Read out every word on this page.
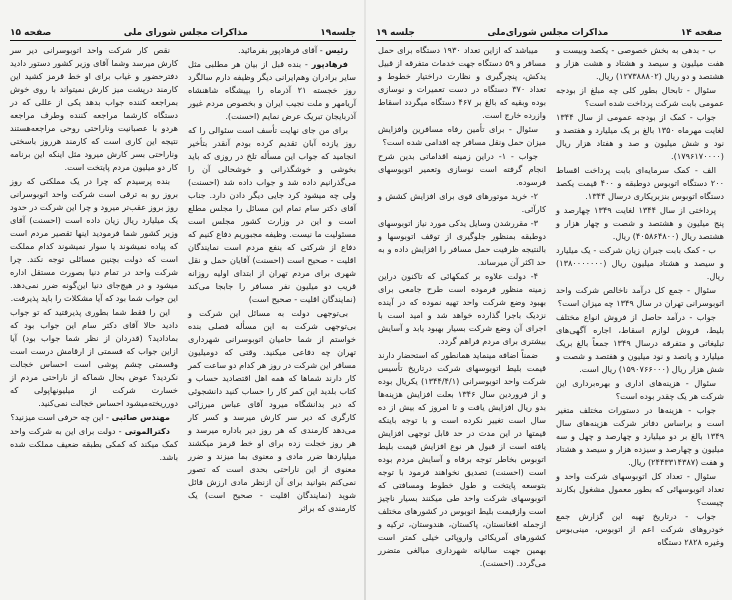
جلسه۱۹
مذاکرات مجلس شورای ملی
صفحه ۱۵

رئیس - آقای فرهادپور بفرمائید.

فرهادپور - بنده قبل از بیان هر مطلبی مثل سایر برادران وهم‌ایرانی دیگر وظیفه دارم سالگرد روز خجسته ۲۱ آذرماه را بپیشگاه شاهنشاه آریامهر و ملت نجیب ایران و بخصوص مردم غیور آذربایجان تبریک عرض نمایم (احسنت).

برای من جای نهایت تأسف است سئوالی را که روز یازده آبان تقدیم کرده بودم آنقدر بتأخیر انجامید که جواب این مسأله تلخ در روزی که باید بخوشی و خوشگذرانی و خوشحالی آن را می‌گذرانیم داده شد و جواب داده شد (احسنت) ولی چه میشود کرد جایی دیگر دادن دارد. جناب آقای دکتر سام تمام این مسائل را مجلس مطلع است و این در وزارت کشور مجلس است مسئولیت ما نیست. وظیفه مجبوریم دفاع کنیم که دفاع از شرکتی که بنفع مردم است نمایندگان اقلیت - صحیح است (احسنت) آقایان حمل و نقل شهری برای مردم تهران از ابتدای اولیه روزانه قریب دو میلیون نفر مسافر را جابجا می‌کند (نمایندگان اقلیت - صحیح است)

بی‌توجهی دولت به مسائل این شرکت و بی‌توجهی شرکت به این مسأله فصلی بنده خواستم از شما حامیان اتوبوسرانی شهرداری تهران چه دفاعی میکنید. وقتی که دومیلیون مسافر این شرکت در روز هر کدام دو ساعت کمر کار دارند شماها که همه اهل اقتصادید حساب و کتاب بلدید این کمر کار را حساب کنید دانشجوئی که دیر بدانشگاه میرود آقای عباس میرزائی کارگری که دیر سر کارش میرسد و کسر کار می‌دهد کارمندی که هر روز دیر باداره میرسد و هر روز خجلت زده برای او خط قرمز میکشند میلیاردها ضرر مادی و معنوی بما میزند و ضرر معنوی از این ناراحتی بحدی است که تصور نمی‌کنم بتوانید برای آن ازنظر مادی ارزش قائل شوید (نمایندگان اقلیت - صحیح است) یک کارمندی که براثر

نقص کار شرکت واحد اتوبوسرانی دیر سر کارش میرسد وشما آقای وزیر کشور دستور دادید دفترحضور و غیاب برای او خط قرمز کشید این کارمند درپشت میز کارش نمیتواند با روی خوش بمراجعه کننده جواب بدهد یکی از عللی که در دستگاه کارشما مراجعه کننده وطرف مراجعه هردو با عصبانیت وناراحتی روحی مراجعه‌هستند نتیجه این کاری است که کارمند هرروز باسختی وناراحتی بسر کارش میرود مثل اینکه این برنامه کار دو میلیون مردم پایتخت است.

بنده پرسیدم که چرا در یک مملکتی که روز بروز رو به ترقی است شرکت واحد اتوبوسرانی روز بروز عقب‌تر میرود و چرا این شرکت در حدود یک میلیارد ریال زیان داده است (احسنت) آقای وزیر کشور شما فرمودید اینها تقصیر مردم است که پیاده نمیشوند یا سوار نمیشوند کدام مملکت است که دولت بچنین مسائلی توجه نکند. چرا شرکت واحد در تمام دنیا بصورت مستقل اداره میشود و در هیچ‌جای دنیا این‌گونه ضرر نمی‌دهد. این جواب شما بود که آیا مشکلات را باید پذیرفت.

این را فقط شما بطوری پذیرفتید که تو جواب دادید حالا آقای دکتر سام این جواب بود که بمادادید؟ (قدردان از نظر شما جواب بود) آیا ازاین جواب که قسمتی از ارقامش درست است وقسمتی چشم پوشی است احساس خجالت نکردید؟ عوض بحال شماکه از ناراحتی مردم از خسارت شرکت از میلیونهاپولی که دورریخته‌میشود احساس خجالت نمی‌کنید.

مهندس صائبی - این چه حرفی است میزنید؟

دکترالموتی - دولت برای این به شرکت واحد کمک میکند که کمکی بطبقه ضعیف مملکت شده باشد.

صفحه ۱۴
مذاکرات مجلس شورای‌ملی
جلسه ۱۹

ب - بدهی به بخش خصوصی - یکصد وبیست و هفت میلیون و سیصد و هشتاد و هشت هزار و هشتصد و دو ریال (۱۲۷۳۸۸۸۰۲) ریال.

سئوال - تابحال بطور کلی چه مبلغ از بودجه عمومی بابت شرکت پرداخت شده است؟

جواب - کمک از بودجه عمومی از سال ۱۳۴۴ لغایت مهرماه ۱۳۵۰ بالغ بر یک میلیارد و هفتصد و نود و شش میلیون و صد و هفتاد هزار ریال (۱۷۹۶۱۷۰۰۰۰).

الف - کمک سرمایه‌ای بابت پرداخت اقساط ۲۰۰ دستگاه اتوبوس دوطبقه و ۴۰۰ قیمت یکصد دستگاه اتوبوس بنزبریکاری درسال ۱۳۴۴.

پرداختی از سال ۱۳۴۴ لغایت ۱۳۴۹ چهارصد و پنج میلیون و هشتصد و شصت و چهار هزار و هشتصد ریال (۴۰۵۸۶۴۸۰۰) ریال.

ب - کمک بابت جبران زیان شرکت - یک میلیارد و سیصد و هشتاد میلیون ریال (۱۳۸۰۰۰۰۰۰۰) ریال.

سئوال - جمع کل درآمد ناخالص شرکت واحد اتوبوسرانی تهران در سال ۱۳۴۹ چه میزان است؟

جواب - درآمد حاصل از فروش انواع مختلف بلیط، فروش لوازم اسقاط، اجاره آگهی‌های تبلیغاتی و متفرقه درسال ۱۳۴۹ جمعاً بالغ بریک میلیارد و پانصد و نود میلیون و هفتصد و شصت و شش هزار ریال (۱۵۹۰۷۶۶۰۰۰) ریال است.

سئوال - هزینه‌های اداری و بهره‌برداری این شرکت هر یک چقدر بوده است؟

جواب - هزینه‌ها در دستورات مختلف متغیر است و براساس دفاتر شرکت هزینه‌های سال ۱۳۴۹ بالغ بر دو میلیارد و چهارصد و چهل و سه میلیون و چهارصد و سیزده هزار و سیصد و هشتاد و هفت (۲۴۴۳۳۱۴۳۸۷) ریال.

سئوال - تعداد کل اتوبوسهای شرکت واحد و تعداد اتوبوسهائی که بطور معمول مشغول بکارند چیست؟

جواب - درتاریخ تهیه این گزارش جمع خودروهای شرکت اعم از اتوبوس، مینی‌بوس وغیره ۲۸۲۸ دستگاه

میباشد که ازاین تعداد ۱۹۳۰ دستگاه برای حمل مسافر و ۵۹ دستگاه جهت خدمات متفرقه از قبیل یدکش، پنچرگیری و نظارت دراختیار خطوط و تعداد ۳۷۰ دستگاه در دست تعمیرات و نوسازی بوده وبقیه که بالغ بر ۴۶۷ دستگاه میگردد اسقاط وازرده خارج است.

سئوال - برای تأمین رفاه مسافرین وافزایش میزان حمل ونقل مسافر چه اقدامی شده است؟

جواب - ۱- دراین زمینه اقداماتی بدین شرح انجام گرفته است نوسازی وتعمیر اتوبوسهای فرسوده.

۲- خرید موتورهای قوی برای افزایش کشش و کارآئی.

۳- مقررشدن وسایل یدکی مورد نیاز اتوبوسهای دوطبقه بمنظور جلوگیری از توقف اتوبوسها و بالنتیجه ظرفیت حمل مسافر را افزایش داده و به حد اکثر آن میرساند.

۴- دولت علاوه بر کمکهائی که تاکنون دراین زمینه منظور فرموده است طرح جامعی برای بهبود وضع شرکت واحد تهیه نموده که در آینده نزدیک باجرا گذارده خواهد شد و امید است با اجرای آن وضع شرکت بسیار بهبود یابد و آسایش بیشتری برای مردم فراهم گردد.

ضمناً اضافه مینماید همانطور که استحضار دارند قیمت بلیط اتوبوسهای شرکت درتاریخ تأسیس شرکت واحد اتوبوسرانی (۱۳۴۴/۴/۱) یکریال بوده و از فروردین سال ۱۳۴۶ بعلت افزایش هزینه‌ها بدو ریال افزایش یافت و تا امروز که بیش از ده سال است تغییر نکرده است و با توجه باینکه قیمتها در این مدت در حد قابل توجهی افزایش یافته است از قبول هر نوع افزایش قیمت بلیط اتوبوس بخاطر توجه برفاه و آسایش مردم بوده است (احسنت) تصدیق نخواهند فرمود با توجه بتوسعه پایتخت و طول خطوط ومسافتی که اتوبوسهای شرکت واحد طی میکنند بسیار ناچیز است وازقیمت بلیط اتوبوس در کشورهای مختلف ازجمله افغانستان، پاکستان، هندوستان، ترکیه و کشورهای آمریکائی واروپائی خیلی کمتر است بهمین جهت سالیانه شهرداری مبالغی متضرر می‌گردد. (احسنت).
